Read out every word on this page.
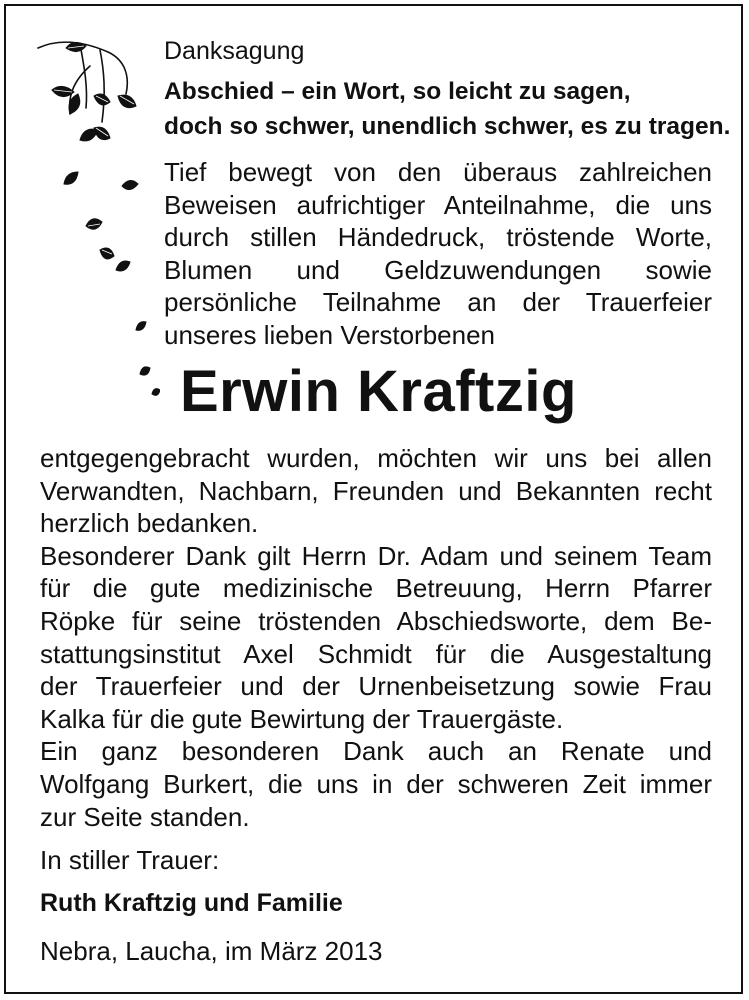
Danksagung
Abschied – ein Wort, so leicht zu sagen,
doch so schwer, unendlich schwer, es zu tragen.
Tief bewegt von den überaus zahlreichen
Beweisen aufrichtiger Anteilnahme, die uns
durch stillen Händedruck, tröstende Worte,
Blumen und Geldzuwendungen sowie
persönliche Teilnahme an der Trauerfeier
unseres lieben Verstorbenen
Erwin Kraftzig

entgegengebracht wurden, möchten wir uns bei allen
Verwandten, Nachbarn, Freunden und Bekannten recht
herzlich bedanken.

Besonderer Dank gilt Herrn Dr. Adam und seinem Team
für die gute medizinische Betreuung, Herrn Pfarrer
Röpke für seine tröstenden Abschiedsworte, dem Be-
stattungsinstitut Axel Schmidt für die Ausgestaltung
der Trauerfeier und der Urnenbeisetzung sowie Frau
Kalka für die gute Bewirtung der Trauergäste.

Ein ganz besonderen Dank auch an Renate und
Wolfgang Burkert, die uns in der schweren Zeit immer
zur Seite standen.

In stiller Trauer:
Ruth Kraftzig und Familie
Nebra, Laucha, im März 2013
